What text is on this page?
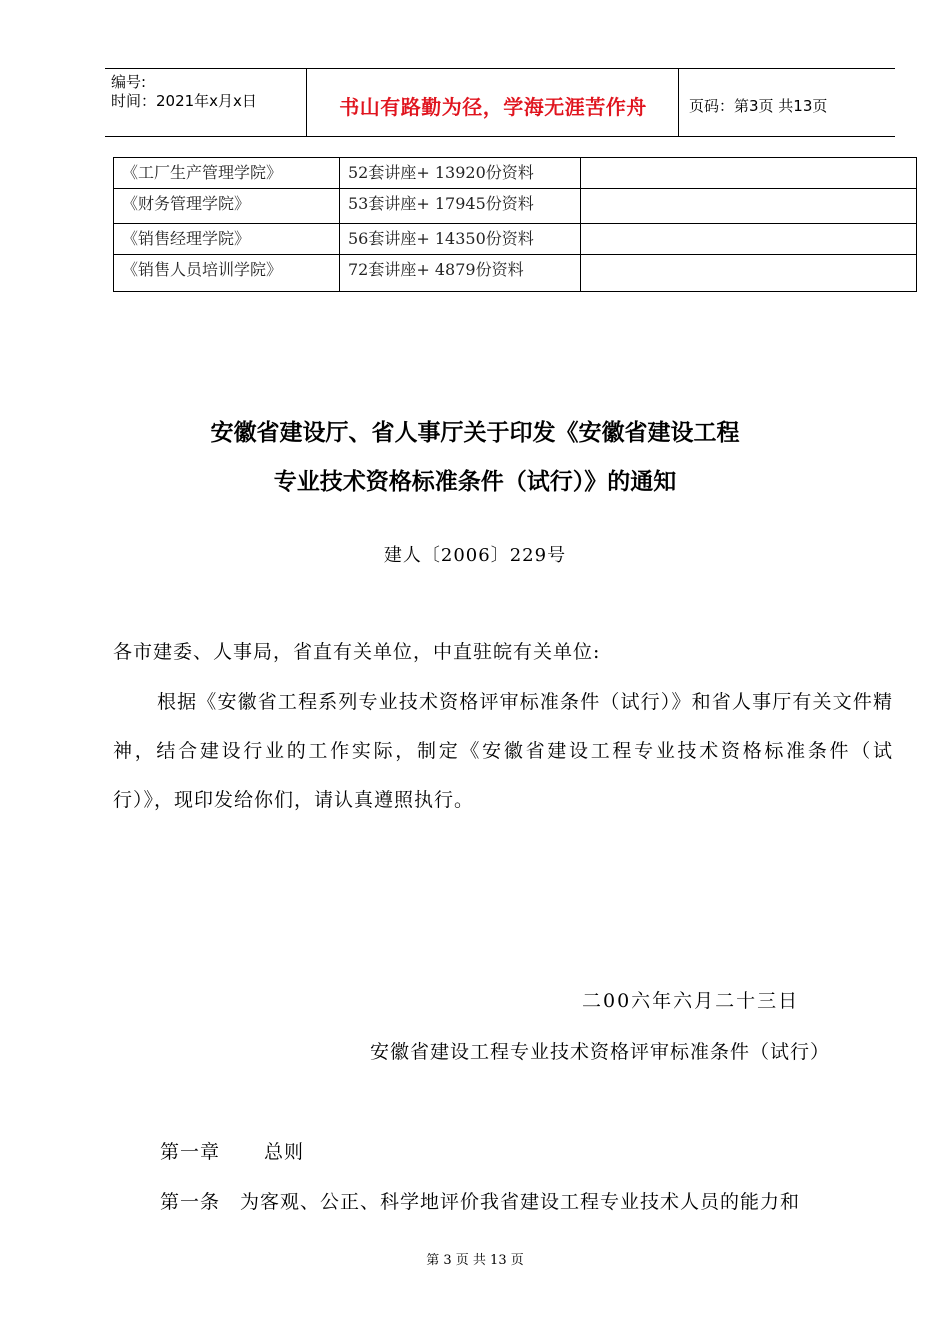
编号:
时间：2021年x月x日	书山有路勤为径，学海无涯苦作舟	页码：第3页 共13页
《工厂生产管理学院》	52套讲座+ 13920份资料	
《财务管理学院》	53套讲座+ 17945份资料	
《销售经理学院》	56套讲座+ 14350份资料	
《销售人员培训学院》	72套讲座+ 4879份资料	
安徽省建设厅、省人事厅关于印发《安徽省建设工程
专业技术资格标准条件（试行）》的通知
建人〔2006〕229号
各市建委、人事局，省直有关单位，中直驻皖有关单位:
根据《安徽省工程系列专业技术资格评审标准条件（试行）》和省人事厅有关文件精神，结合建设行业的工作实际，制定《安徽省建设工程专业技术资格标准条件（试行）》，现印发给你们，请认真遵照执行。
二00六年六月二十三日
安徽省建设工程专业技术资格评审标准条件（试行）
第一章 总则
第一条 为客观、公正、科学地评价我省建设工程专业技术人员的能力和
第 3 页 共 13 页
